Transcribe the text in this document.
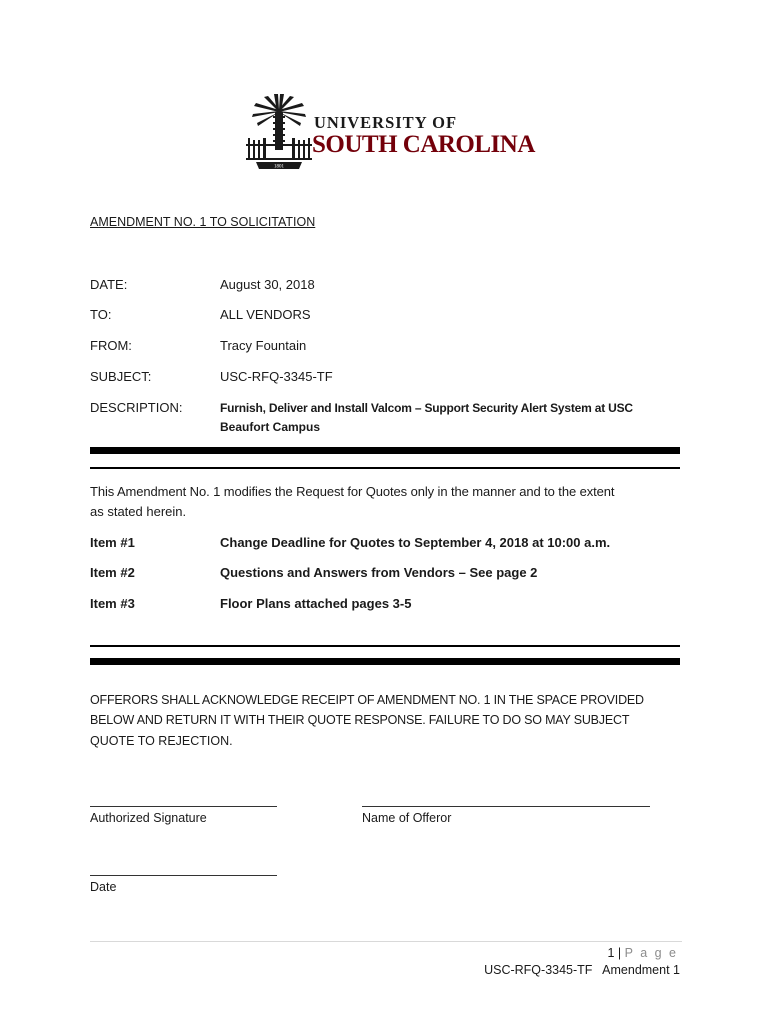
1801
UNIVERSITY OF
SOUTH CAROLINA
AMENDMENT NO. 1 TO SOLICITATION
DATE:	August 30, 2018
TO:	ALL VENDORS
FROM:	Tracy Fountain
SUBJECT:	USC-RFQ-3345-TF
DESCRIPTION:	Furnish, Deliver and Install Valcom – Support Security Alert System at USC
Beaufort Campus
This Amendment No. 1 modifies the Request for Quotes only in the manner and to the extent
as stated herein.
Item #1	Change Deadline for Quotes to September 4, 2018 at 10:00 a.m.
Item #2	Questions and Answers from Vendors – See page 2
Item #3	Floor Plans attached pages 3-5
OFFERORS SHALL ACKNOWLEDGE RECEIPT OF AMENDMENT NO. 1 IN THE SPACE PROVIDED
BELOW AND RETURN IT WITH THEIR QUOTE RESPONSE. FAILURE TO DO SO MAY SUBJECT
QUOTE TO REJECTION.
Authorized Signature	Name of Offeror
Date
1 | P a g e
USC-RFQ-3345-TF   Amendment 1
